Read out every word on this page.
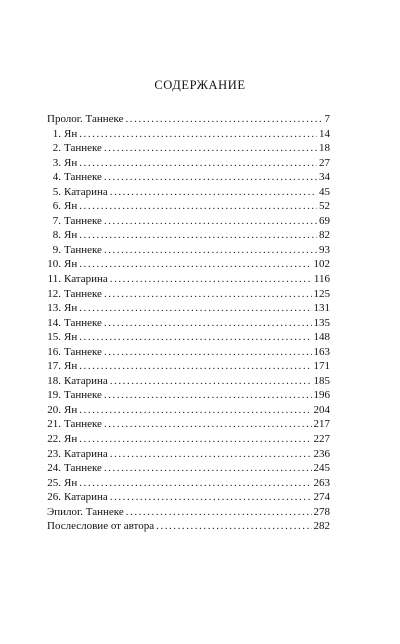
СОДЕРЖАНИЕ
Пролог. Таннеке . . .	7
1. Ян . . .	14
2. Таннеке . . .	18
3. Ян . . .	27
4. Таннеке . . .	34
5. Катарина . . .	45
6. Ян . . .	52
7. Таннеке . . .	69
8. Ян . . .	82
9. Таннеке . . .	93
10. Ян . . .	102
11. Катарина . . .	116
12. Таннеке . . .	125
13. Ян . . .	131
14. Таннеке . . .	135
15. Ян . . .	148
16. Таннеке . . .	163
17. Ян . . .	171
18. Катарина . . .	185
19. Таннеке . . .	196
20. Ян . . .	204
21. Таннеке . . .	217
22. Ян . . .	227
23. Катарина . . .	236
24. Таннеке . . .	245
25. Ян . . .	263
26. Катарина . . .	274
Эпилог. Таннеке . . .	278
Послесловие от автора . . .	282
